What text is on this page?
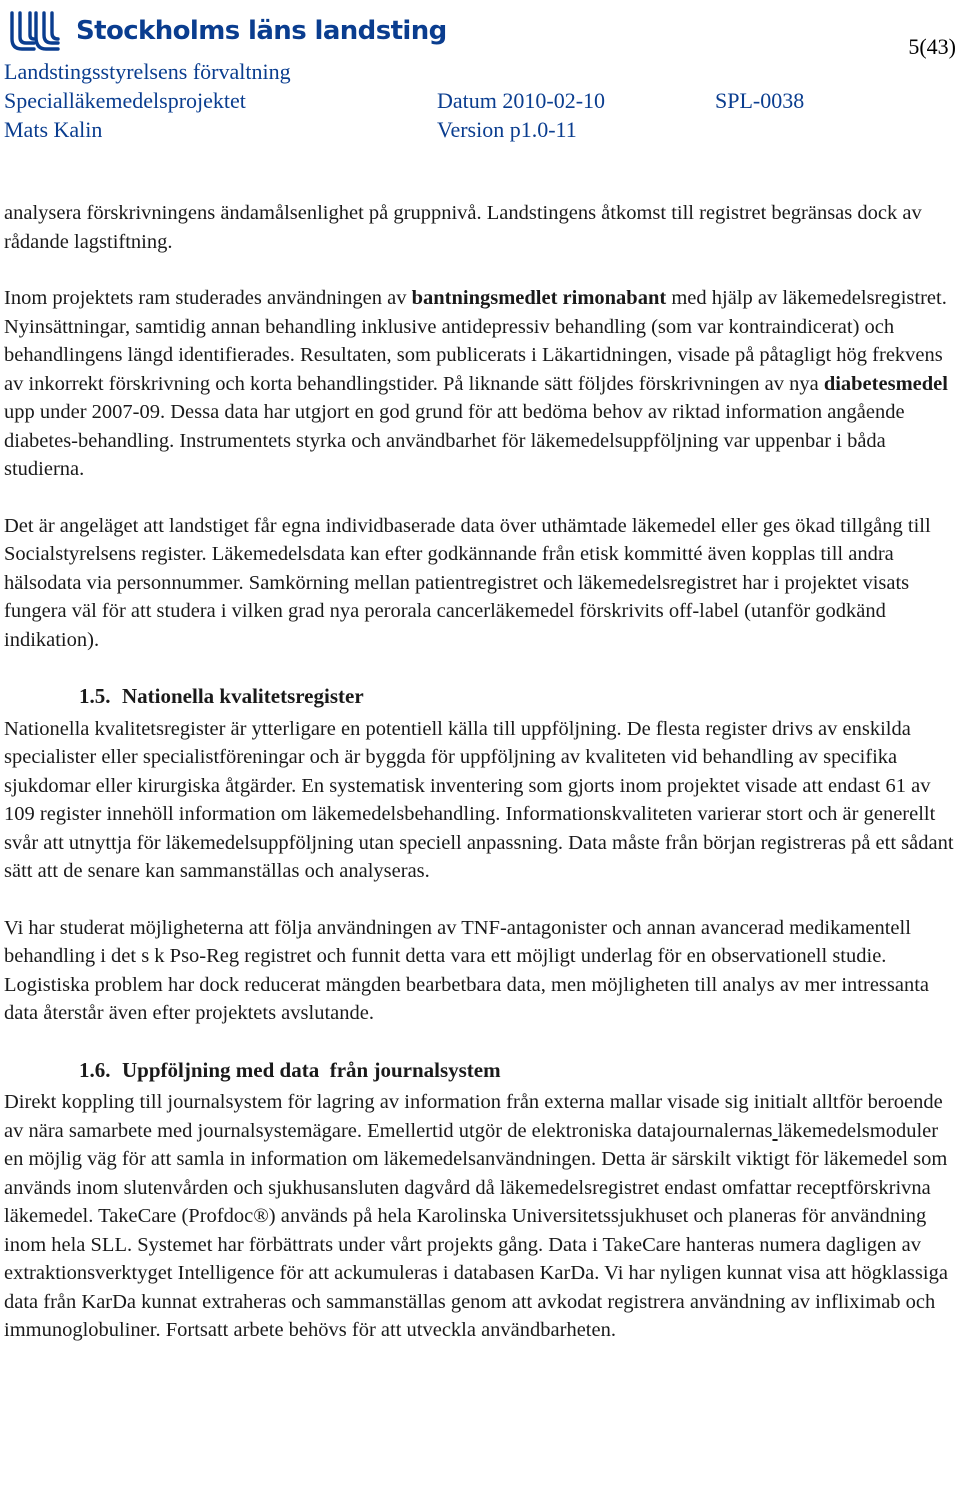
Stockholms läns landsting
5(43)
Landstingsstyrelsens förvaltning
Specialläkemedelsprojektet	Datum 2010-02-10	SPL-0038
Mats Kalin	Version p1.0-11

analysera förskrivningens ändamålsenlighet på gruppnivå. Landstingens åtkomst till registret begränsas dock av rådande lagstiftning.

Inom projektets ram studerades användningen av bantningsmedlet rimonabant med hjälp av läkemedelsregistret. Nyinsättningar, samtidig annan behandling inklusive antidepressiv behandling (som var kontraindicerat) och behandlingens längd identifierades. Resultaten, som publicerats i Läkartidningen, visade på påtagligt hög frekvens av inkorrekt förskrivning och korta behandlingstider. På liknande sätt följdes förskrivningen av nya diabetesmedel upp under 2007-09. Dessa data har utgjort en god grund för att bedöma behov av riktad information angående diabetes-behandling. Instrumentets styrka och användbarhet för läkemedelsuppföljning var uppenbar i båda studierna.

Det är angeläget att landstiget får egna individbaserade data över uthämtade läkemedel eller ges ökad tillgång till Socialstyrelsens register. Läkemedelsdata kan efter godkännande från etisk kommitté även kopplas till andra hälsodata via personnummer. Samkörning mellan patientregistret och läkemedelsregistret har i projektet visats fungera väl för att studera i vilken grad nya perorala cancerläkemedel förskrivits off-label (utanför godkänd indikation).

1.5. Nationella kvalitetsregister

Nationella kvalitetsregister är ytterligare en potentiell källa till uppföljning. De flesta register drivs av enskilda specialister eller specialistföreningar och är byggda för uppföljning av kvaliteten vid behandling av specifika sjukdomar eller kirurgiska åtgärder. En systematisk inventering som gjorts inom projektet visade att endast 61 av 109 register innehöll information om läkemedelsbehandling. Informationskvaliteten varierar stort och är generellt svår att utnyttja för läkemedelsuppföljning utan speciell anpassning. Data måste från början registreras på ett sådant sätt att de senare kan sammanställas och analyseras.

Vi har studerat möjligheterna att följa användningen av TNF-antagonister och annan avancerad medikamentell behandling i det s k Pso-Reg registret och funnit detta vara ett möjligt underlag för en observationell studie. Logistiska problem har dock reducerat mängden bearbetbara data, men möjligheten till analys av mer intressanta data återstår även efter projektets avslutande.

1.6. Uppföljning med data  från journalsystem

Direkt koppling till journalsystem för lagring av information från externa mallar visade sig initialt alltför beroende av nära samarbete med journalsystemägare. Emellertid utgör de elektroniska datajournalernas läkemedelsmoduler en möjlig väg för att samla in information om läkemedelsanvändningen. Detta är särskilt viktigt för läkemedel som används inom slutenvården och sjukhusansluten dagvård då läkemedelsregistret endast omfattar receptförskrivna läkemedel. TakeCare (Profdoc®) används på hela Karolinska Universitetssjukhuset och planeras för användning inom hela SLL. Systemet har förbättrats under vårt projekts gång. Data i TakeCare hanteras numera dagligen av extraktionsverktyget Intelligence för att ackumuleras i databasen KarDa. Vi har nyligen kunnat visa att högklassiga data från KarDa kunnat extraheras och sammanställas genom att avkodat registrera användning av infliximab och immunoglobuliner. Fortsatt arbete behövs för att utveckla användbarheten.
